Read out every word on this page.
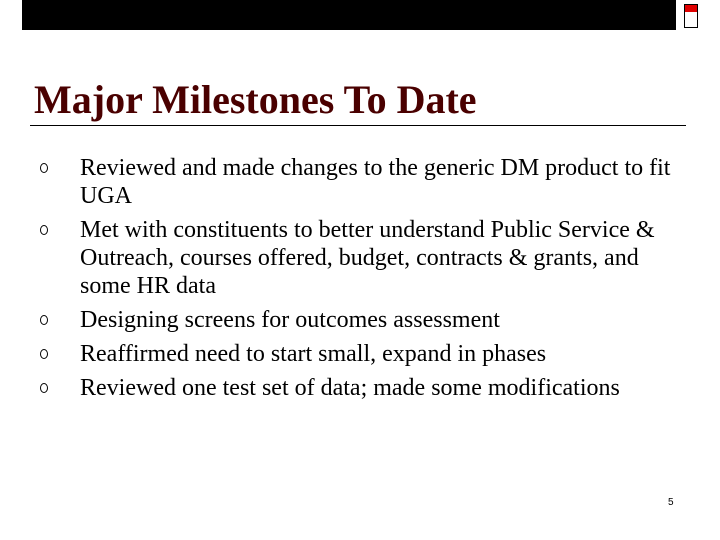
Major Milestones To Date
Reviewed and made changes to the generic DM product to fit UGA
Met with constituents to better understand Public Service & Outreach, courses offered, budget, contracts & grants, and some HR data
Designing screens for outcomes assessment
Reaffirmed need to start small, expand in phases
Reviewed one test set of data; made some modifications
5
